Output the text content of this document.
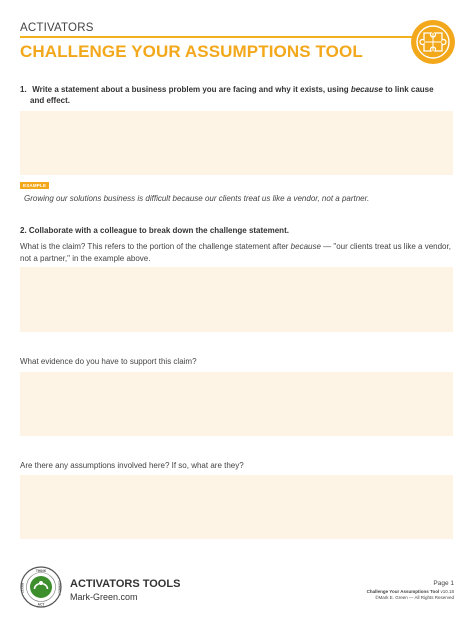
ACTIVATORS
CHALLENGE YOUR ASSUMPTIONS TOOL
1. Write a statement about a business problem you are facing and why it exists, using because to link cause
and effect.
EXAMPLE
Growing our solutions business is difficult because our clients treat us like a vendor, not a partner.
2. Collaborate with a colleague to break down the challenge statement.
What is the claim? This refers to the portion of the challenge statement after because — "our clients treat us like a vendor, not a partner," in the example above.
What evidence do you have to support this claim?
Are there any assumptions involved here? If so, what are they?
THINK
ACT
CONNECT
LEARN	ACTIVATORS TOOLS
Mark-Green.com
Page 1
Challenge Your Assumptions Tool v10.18
©Mark E. Green — All Rights Reserved
